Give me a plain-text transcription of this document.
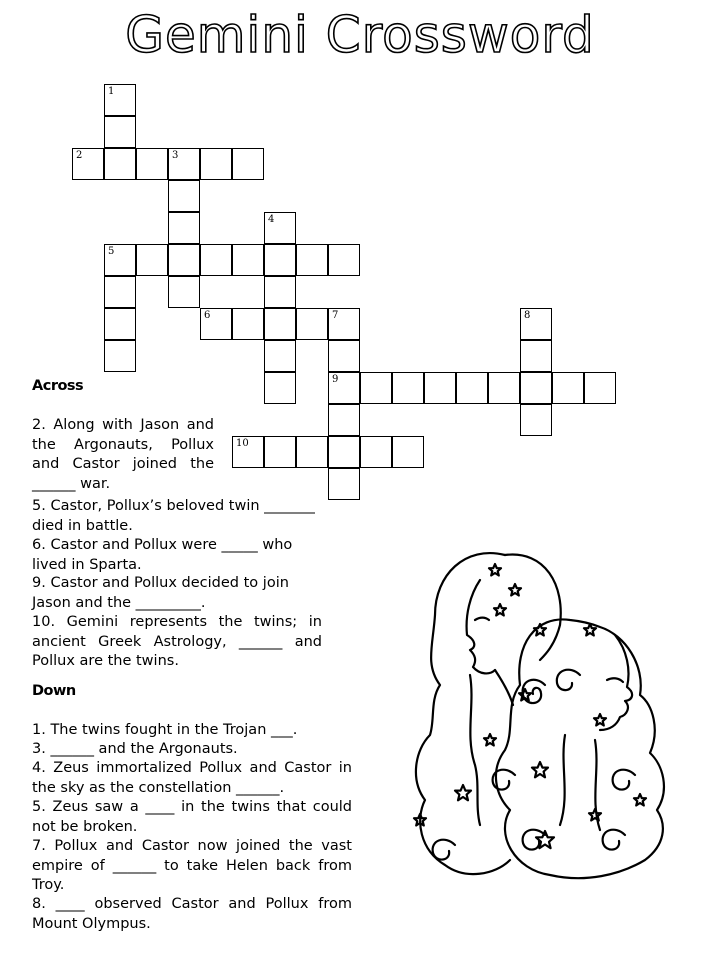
Gemini Crossword
2	3
1
4
5
6	7
9
8
10
Across

2. Along with Jason and the Argonauts, Pollux and Castor joined the ______ war.

5. Castor, Pollux’s beloved twin _______ died in battle.

6. Castor and Pollux were _____ who lived in Sparta.

9. Castor and Pollux decided to join Jason and the _________.

10. Gemini represents the twins; in ancient Greek Astrology, ______ and Pollux are the twins.

Down

1. The twins fought in the Trojan ___.

3. ______ and the Argonauts.

4. Zeus immortalized Pollux and Castor in the sky as the constellation ______.

5. Zeus saw a ____ in the twins that could not be broken.

7. Pollux and Castor now joined the vast empire of ______ to take Helen back from Troy.

8. ____ observed Castor and Pollux from Mount Olympus.
